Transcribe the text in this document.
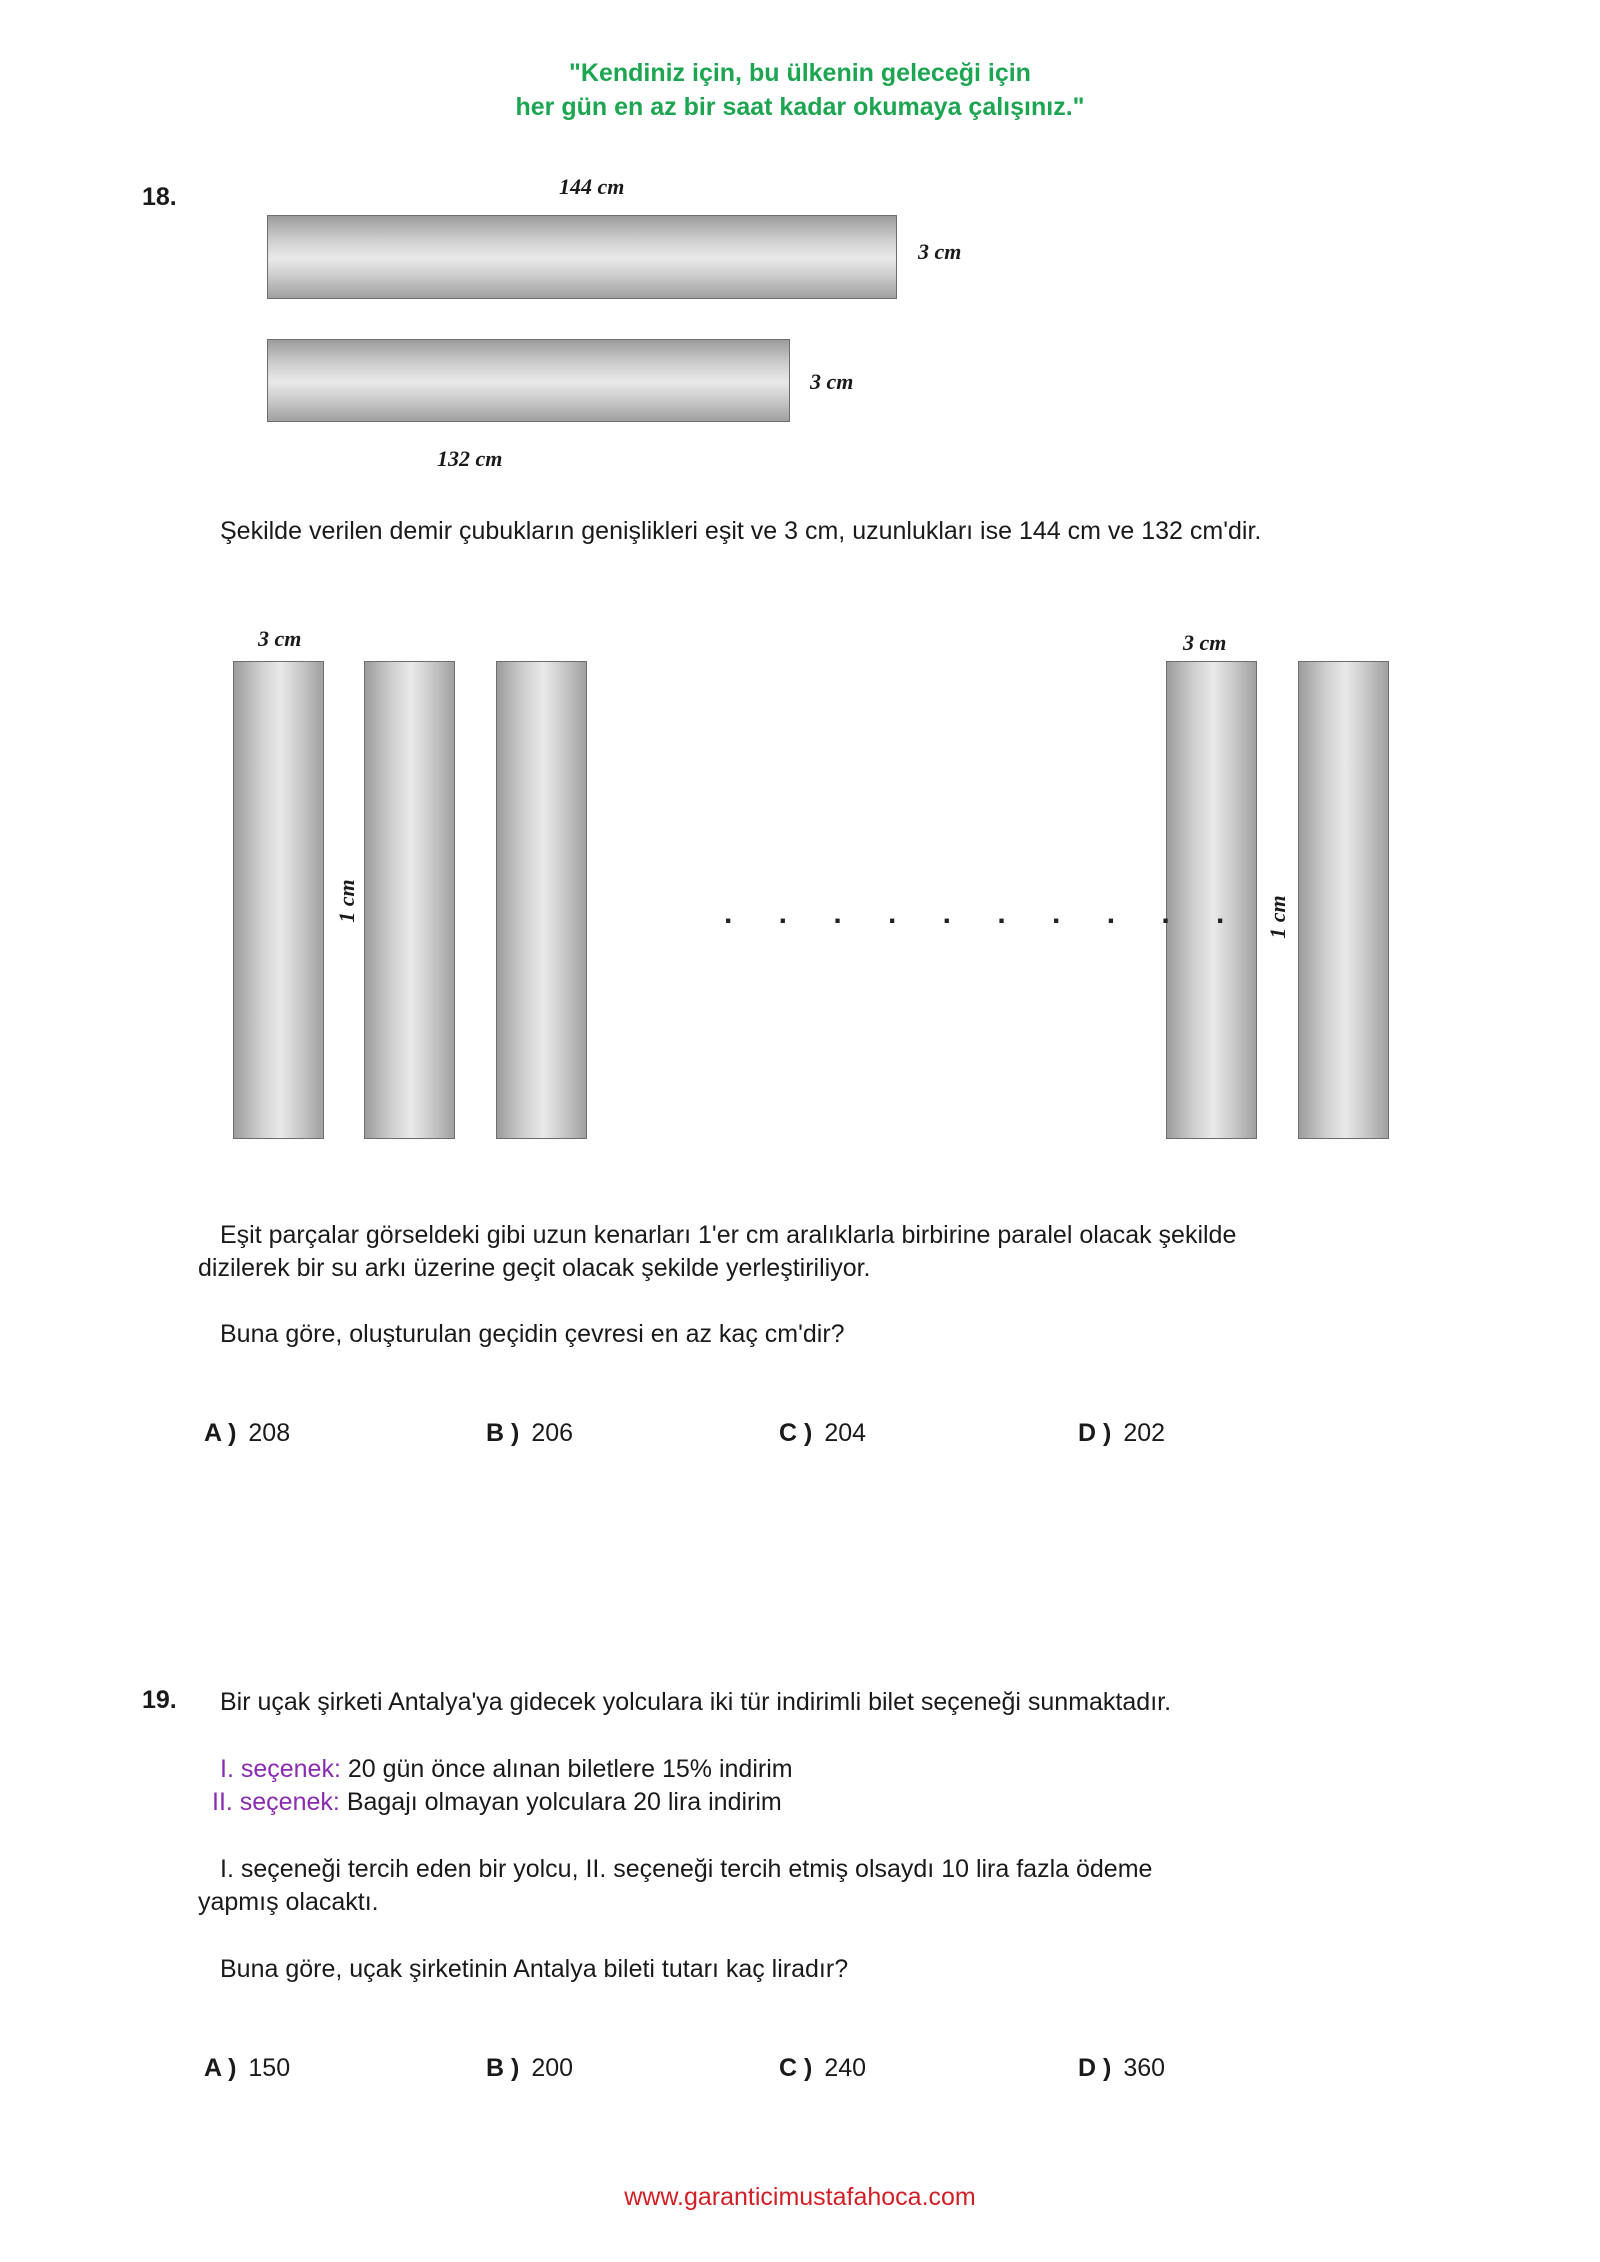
"Kendiniz için, bu ülkenin geleceği için
her gün en az bir saat kadar okumaya çalışınız."
18.	144 cm
3 cm
3 cm
132 cm
Şekilde verilen demir çubukların genişlikleri eşit ve 3 cm, uzunlukları ise 144 cm ve 132 cm'dir.
3 cm	3 cm
1 cm	1 cm
. . . . . . . . . .
Eşit parçalar görseldeki gibi uzun kenarları 1'er cm aralıklarla birbirine paralel olacak şekilde
dizilerek bir su arkı üzerine geçit olacak şekilde yerleştiriliyor.
Buna göre, oluşturulan geçidin çevresi en az kaç cm'dir?
A ) 208	B ) 206	C ) 204	D ) 202
19. Bir uçak şirketi Antalya'ya gidecek yolculara iki tür indirimli bilet seçeneği sunmaktadır.
I. seçenek: 20 gün önce alınan biletlere 15% indirim
II. seçenek: Bagajı olmayan yolculara 20 lira indirim
I. seçeneği tercih eden bir yolcu, II. seçeneği tercih etmiş olsaydı 10 lira fazla ödeme
yapmış olacaktı.
Buna göre, uçak şirketinin Antalya bileti tutarı kaç liradır?
A ) 150	B ) 200	C ) 240	D ) 360
www.garanticimustafahoca.com
